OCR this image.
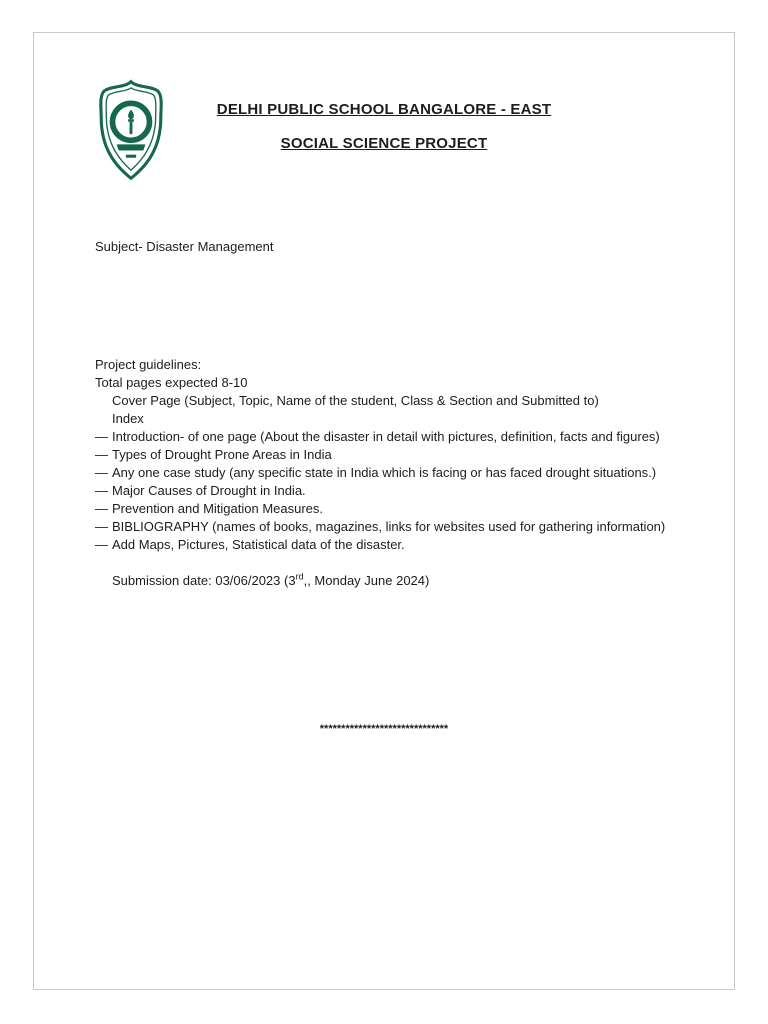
DELHI PUBLIC SCHOOL BANGALORE - EAST
SOCIAL SCIENCE PROJECT
Subject- Disaster Management
Project guidelines:
Total pages expected 8-10
Cover Page (Subject, Topic, Name of the student, Class & Section and Submitted to)
Index
— Introduction- of one page (About the disaster in detail with pictures, definition, facts and figures)
— Types of Drought Prone Areas in India
— Any one case study (any specific state in India which is facing or has faced drought situations.)
— Major Causes of Drought in India.
— Prevention and Mitigation Measures.
— BIBLIOGRAPHY (names of books, magazines, links for websites used for gathering information)
— Add Maps, Pictures, Statistical data of the disaster.
Submission date: 03/06/2023 (3rd,, Monday June 2024)
******************************
